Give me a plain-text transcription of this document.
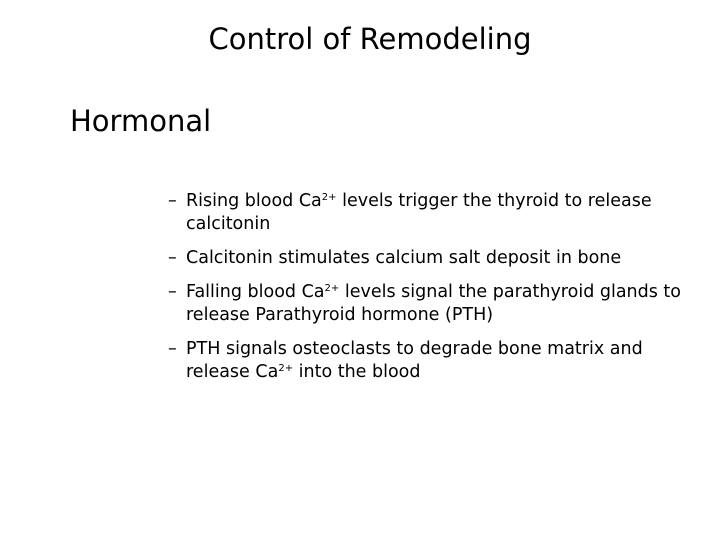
Control of Remodeling
Hormonal
– Rising blood $Ca^{2+}$ levels trigger the thyroid to release calcitonin
– Calcitonin stimulates calcium salt deposit in bone
– Falling blood $Ca^{2+}$ levels signal the parathyroid glands to release Parathyroid hormone (PTH)
– PTH signals osteoclasts to degrade bone matrix and release $Ca^{2+}$ into the blood
